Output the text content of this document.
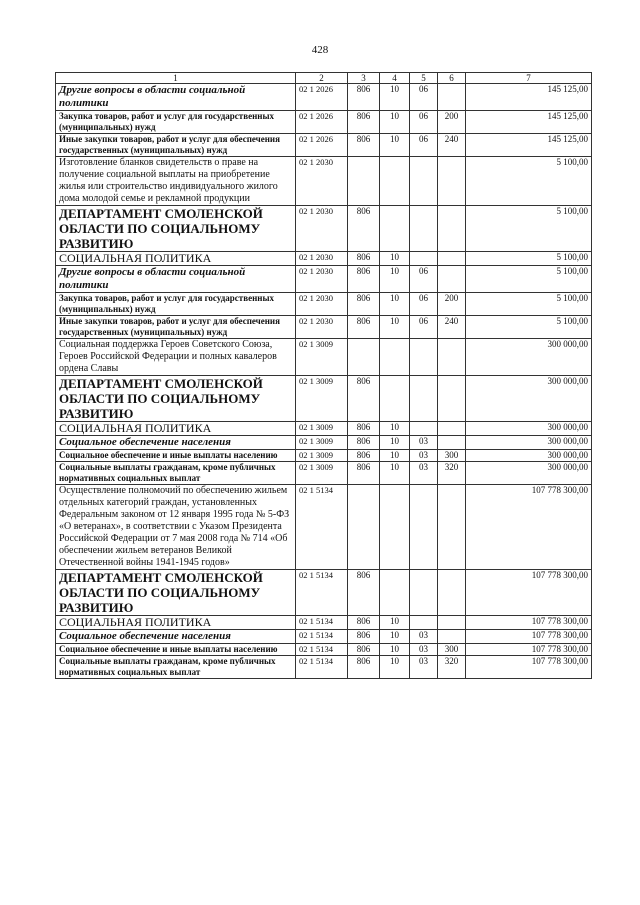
428
1	2	3	4	5	6	7
Другие вопросы в области социальной политики	02 1 2026	806	10	06		145 125,00
Закупка товаров, работ и услуг для государственных (муниципальных) нужд	02 1 2026	806	10	06	200	145 125,00
Иные закупки товаров, работ и услуг для обеспечения государственных (муниципальных) нужд	02 1 2026	806	10	06	240	145 125,00
Изготовление бланков свидетельств о праве на получение социальной выплаты на приобретение жилья или строительство индивидуального жилого дома молодой семье и рекламной продукции	02 1 2030					5 100,00
ДЕПАРТАМЕНТ СМОЛЕНСКОЙ ОБЛАСТИ ПО СОЦИАЛЬНОМУ РАЗВИТИЮ	02 1 2030	806				5 100,00
СОЦИАЛЬНАЯ ПОЛИТИКА	02 1 2030	806	10			5 100,00
Другие вопросы в области социальной политики	02 1 2030	806	10	06		5 100,00
Закупка товаров, работ и услуг для государственных (муниципальных) нужд	02 1 2030	806	10	06	200	5 100,00
Иные закупки товаров, работ и услуг для обеспечения государственных (муниципальных) нужд	02 1 2030	806	10	06	240	5 100,00
Социальная поддержка Героев Советского Союза, Героев Российской Федерации и полных кавалеров ордена Славы	02 1 3009					300 000,00
ДЕПАРТАМЕНТ СМОЛЕНСКОЙ ОБЛАСТИ ПО СОЦИАЛЬНОМУ РАЗВИТИЮ	02 1 3009	806				300 000,00
СОЦИАЛЬНАЯ ПОЛИТИКА	02 1 3009	806	10			300 000,00
Социальное обеспечение населения	02 1 3009	806	10	03		300 000,00
Социальное обеспечение и иные выплаты населению	02 1 3009	806	10	03	300	300 000,00
Социальные выплаты гражданам, кроме публичных нормативных социальных выплат	02 1 3009	806	10	03	320	300 000,00
Осуществление полномочий по обеспечению жильем отдельных категорий граждан, установленных Федеральным законом от 12 января 1995 года № 5-ФЗ «О ветеранах», в соответствии с Указом Президента Российской Федерации от 7 мая 2008 года № 714 «Об обеспечении жильем ветеранов Великой Отечественной войны 1941-1945 годов»	02 1 5134					107 778 300,00
ДЕПАРТАМЕНТ СМОЛЕНСКОЙ ОБЛАСТИ ПО СОЦИАЛЬНОМУ РАЗВИТИЮ	02 1 5134	806				107 778 300,00
СОЦИАЛЬНАЯ ПОЛИТИКА	02 1 5134	806	10			107 778 300,00
Социальное обеспечение населения	02 1 5134	806	10	03		107 778 300,00
Социальное обеспечение и иные выплаты населению	02 1 5134	806	10	03	300	107 778 300,00
Социальные выплаты гражданам, кроме публичных нормативных социальных выплат	02 1 5134	806	10	03	320	107 778 300,00
